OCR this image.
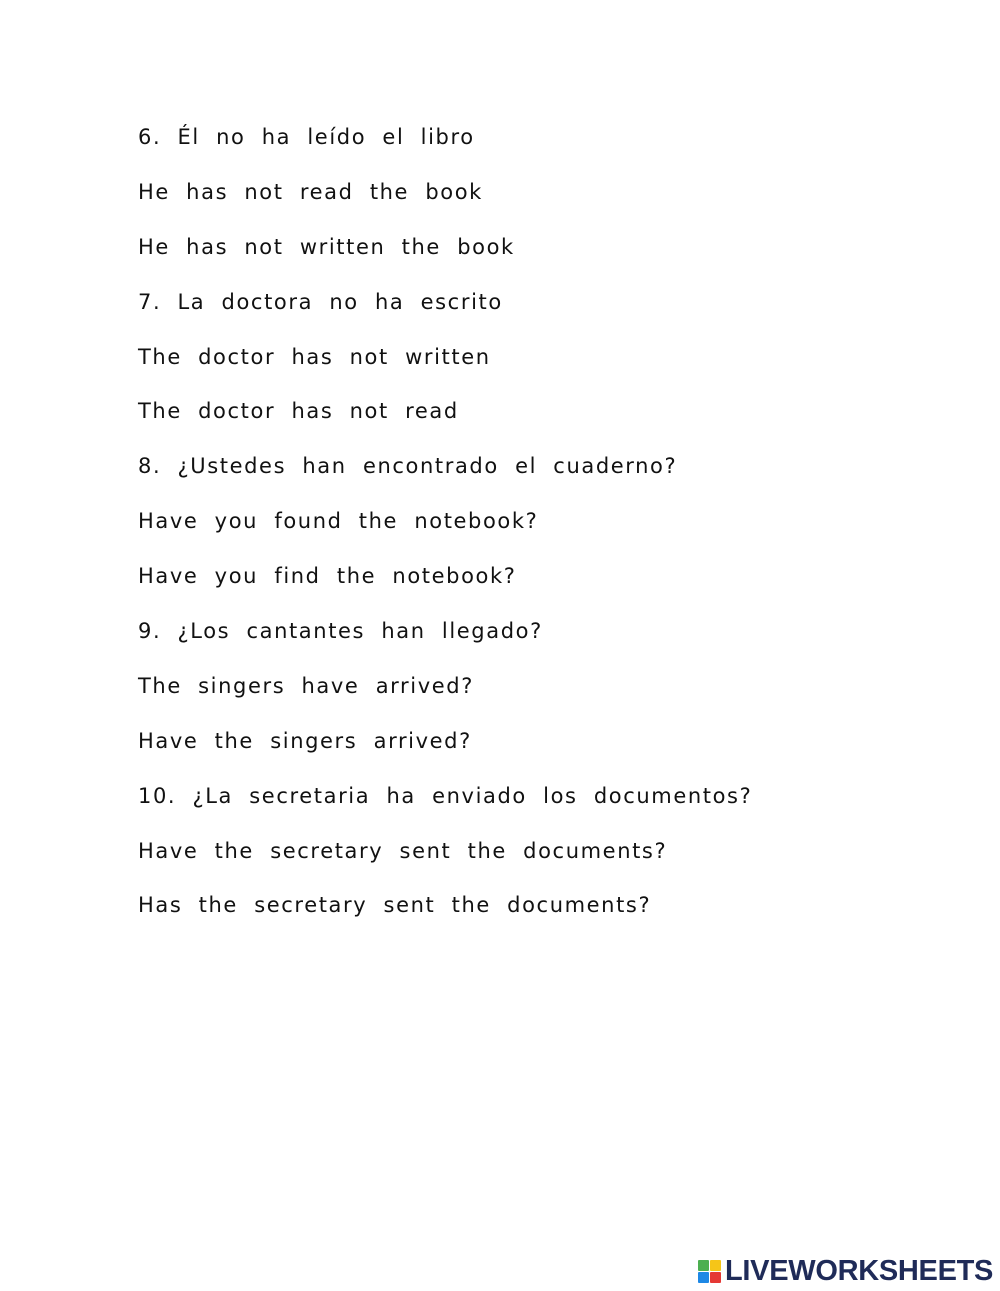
6. Él no ha leído el libro
He has not read the book
He has not written the book
7. La doctora no ha escrito
The doctor has not written
The doctor has not read
8. ¿Ustedes han encontrado el cuaderno?
Have you found the notebook?
Have you find the notebook?
9. ¿Los cantantes han llegado?
The singers have arrived?
Have the singers arrived?
10. ¿La secretaria ha enviado los documentos?
Have the secretary sent the documents?
Has the secretary sent the documents?
LIVEWORKSHEETS
